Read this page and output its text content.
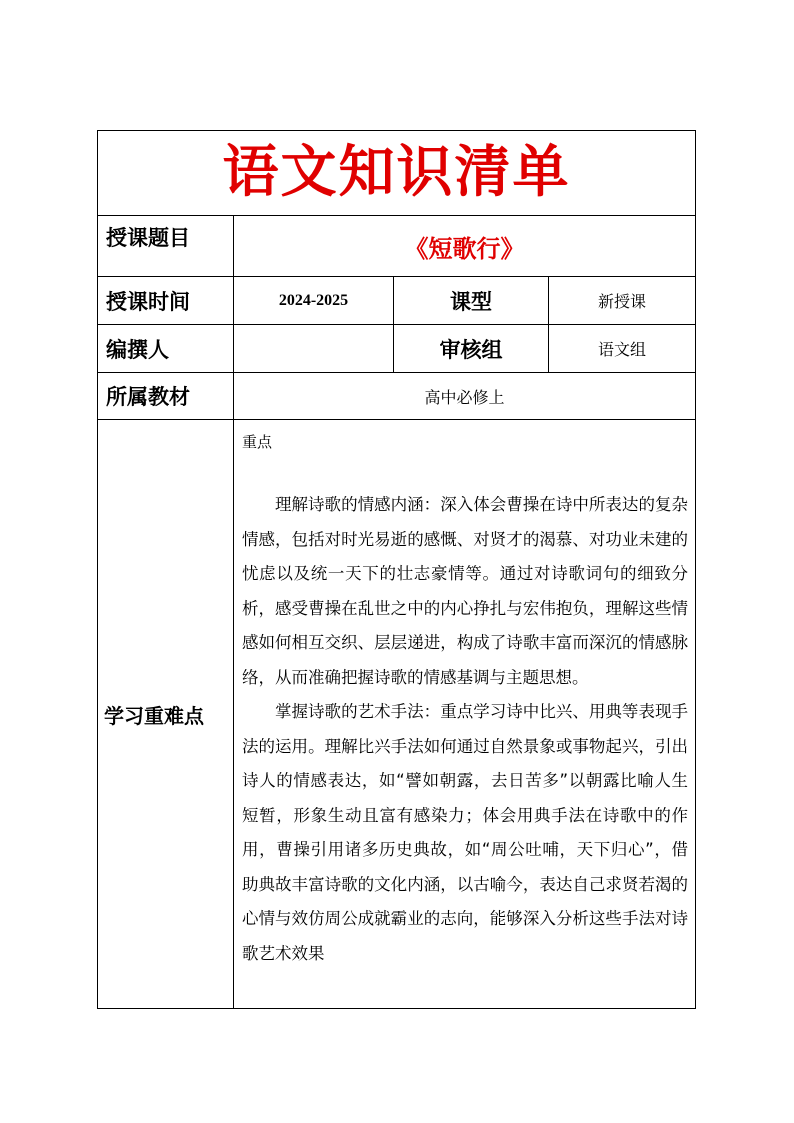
语文知识清单			
授课题目	《短歌行》		
授课时间	2024-2025	课型	新授课
编撰人		审核组	语文组
所属教材	高中必修上		
学习重难点	重点

理解诗歌的情感内涵：深入体会曹操在诗中所表达的复杂情感，包括对时光易逝的感慨、对贤才的渴慕、对功业未建的忧虑以及统一天下的壮志豪情等。通过对诗歌词句的细致分析，感受曹操在乱世之中的内心挣扎与宏伟抱负，理解这些情感如何相互交织、层层递进，构成了诗歌丰富而深沉的情感脉络，从而准确把握诗歌的情感基调与主题思想。

掌握诗歌的艺术手法：重点学习诗中比兴、用典等表现手法的运用。理解比兴手法如何通过自然景象或事物起兴，引出诗人的情感表达，如“譬如朝露，去日苦多”以朝露比喻人生短暂，形象生动且富有感染力；体会用典手法在诗歌中的作用，曹操引用诸多历史典故，如“周公吐哺，天下归心”，借助典故丰富诗歌的文化内涵，以古喻今，表达自己求贤若渴的心情与效仿周公成就霸业的志向，能够深入分析这些手法对诗歌艺术效果		
